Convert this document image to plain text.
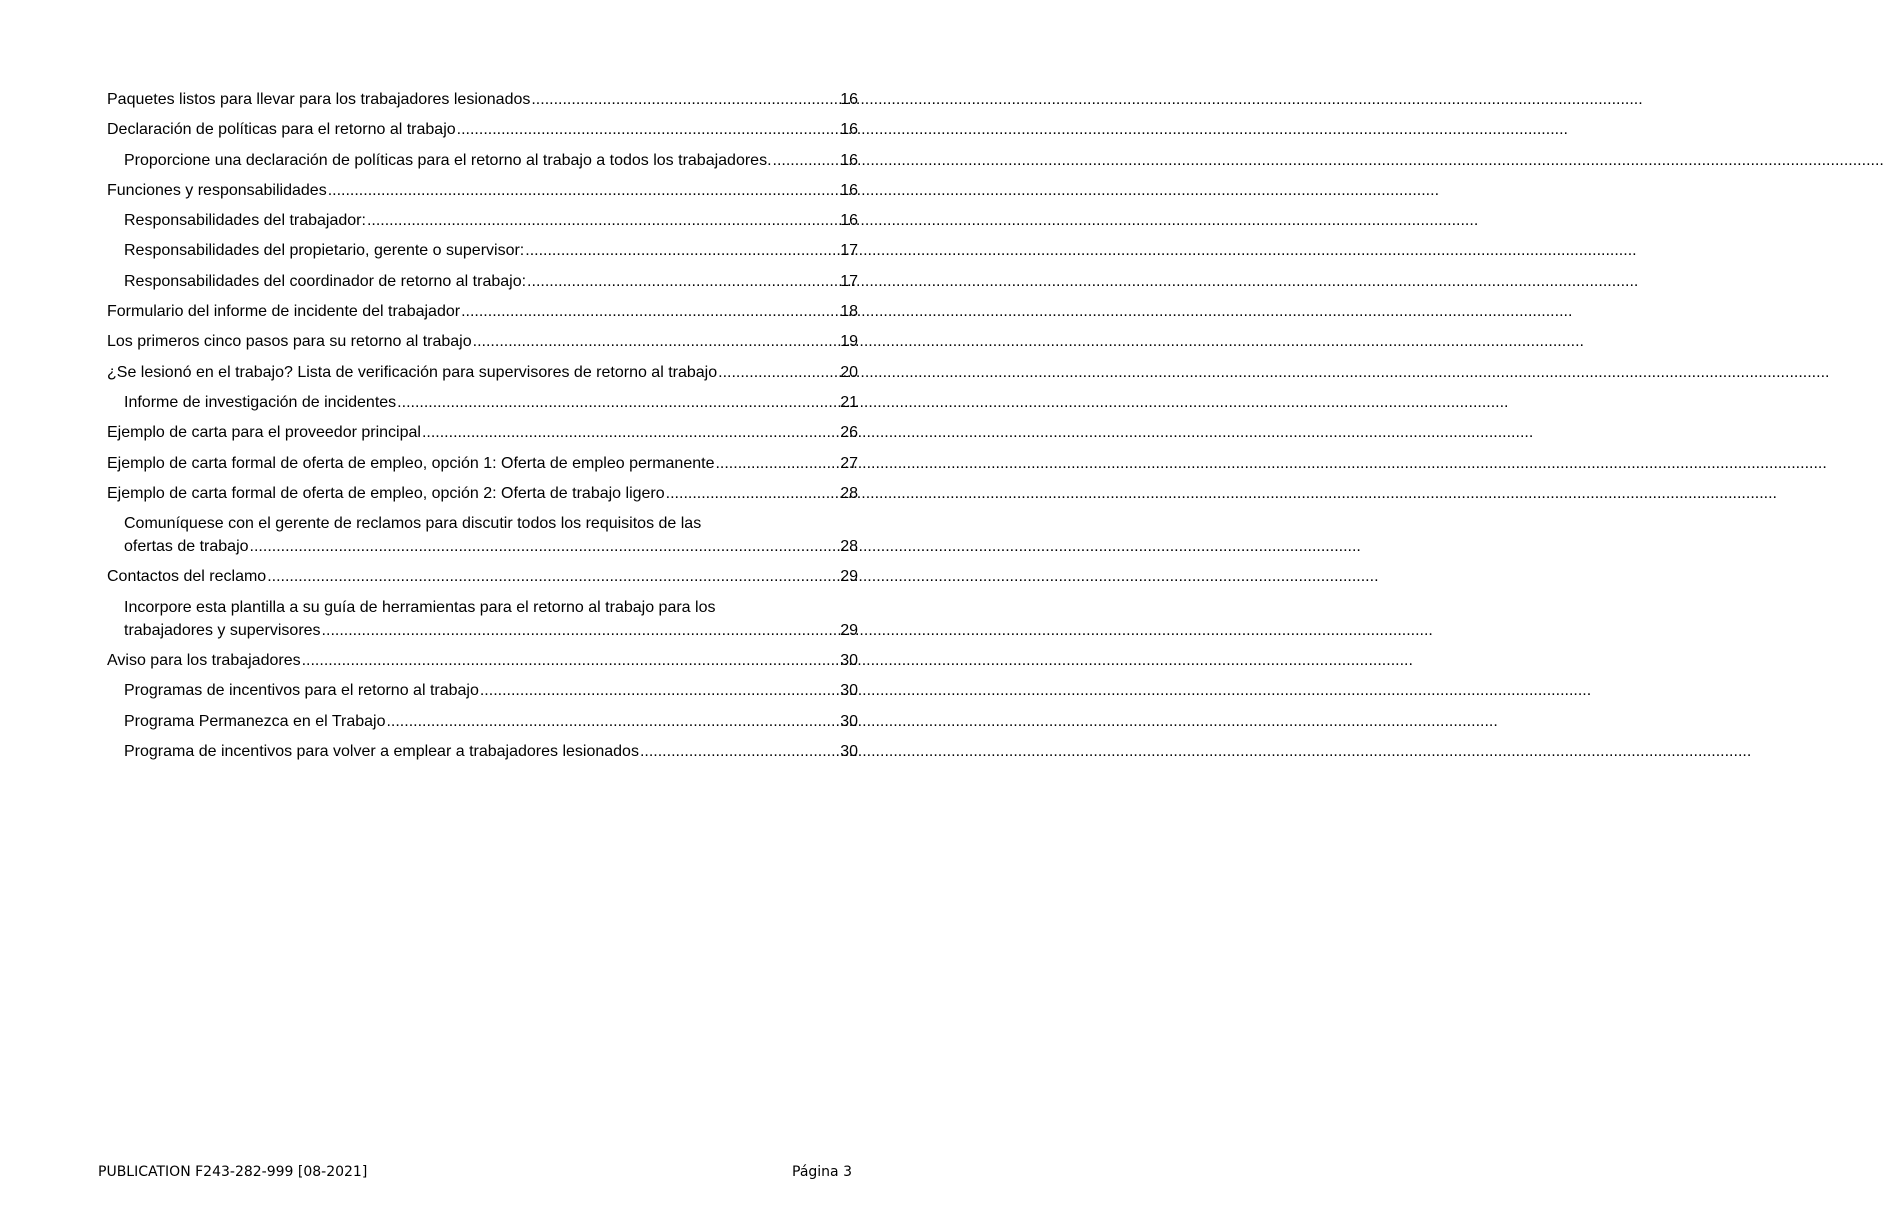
Paquetes listos para llevar para los trabajadores lesionados .....	16
Declaración de políticas para el retorno al trabajo .....	16
Proporcione una declaración de políticas para el retorno al trabajo a todos los trabajadores. .....	16
Funciones y responsabilidades .....	16
Responsabilidades del trabajador: .....	16
Responsabilidades del propietario, gerente o supervisor: .....	17
Responsabilidades del coordinador de retorno al trabajo: .....	17
Formulario del informe de incidente del trabajador .....	18
Los primeros cinco pasos para su retorno al trabajo .....	19
¿Se lesionó en el trabajo? Lista de verificación para supervisores de retorno al trabajo .....	20
Informe de investigación de incidentes .....	21
Ejemplo de carta para el proveedor principal .....	26
Ejemplo de carta formal de oferta de empleo, opción 1: Oferta de empleo permanente .....	27
Ejemplo de carta formal de oferta de empleo, opción 2: Oferta de trabajo ligero .....	28
Comuníquese con el gerente de reclamos para discutir todos los requisitos de las
ofertas de trabajo .....	28
Contactos del reclamo .....	29
Incorpore esta plantilla a su guía de herramientas para el retorno al trabajo para los
trabajadores y supervisores .....	29
Aviso para los trabajadores .....	30
Programas de incentivos para el retorno al trabajo .....	30
Programa Permanezca en el Trabajo .....	30
Programa de incentivos para volver a emplear a trabajadores lesionados .....	30
PUBLICATION F243-282-999 [08-2021]	Página 3
